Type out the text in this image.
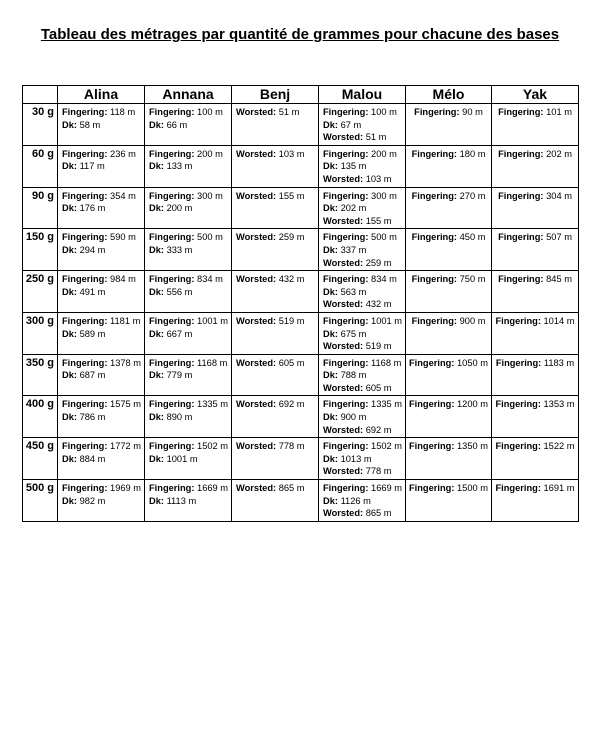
Tableau des métrages par quantité de grammes pour chacune des bases
	Alina	Annana	Benj	Malou	Mélo	Yak
30 g	Fingering: 118 m
Dk: 58 m	Fingering: 100 m
Dk: 66 m	Worsted: 51 m	Fingering: 100 m
Dk: 67 m
Worsted: 51 m	Fingering: 90 m	Fingering: 101 m

60 g	Fingering: 236 m
Dk: 117 m	Fingering: 200 m
Dk: 133 m	Worsted: 103 m	Fingering: 200 m
Dk: 135 m
Worsted: 103 m	Fingering: 180 m	Fingering: 202 m

90 g	Fingering: 354 m
Dk: 176 m	Fingering: 300 m
Dk: 200 m	Worsted: 155 m	Fingering: 300 m
Dk: 202 m
Worsted: 155 m	Fingering: 270 m	Fingering: 304 m

150 g	Fingering: 590 m
Dk: 294 m	Fingering: 500 m
Dk: 333 m	Worsted: 259 m	Fingering: 500 m
Dk: 337 m
Worsted: 259 m	Fingering: 450 m	Fingering: 507 m

250 g	Fingering: 984 m
Dk: 491 m	Fingering: 834 m
Dk: 556 m	Worsted: 432 m	Fingering: 834 m
Dk: 563 m
Worsted: 432 m	Fingering: 750 m	Fingering: 845 m

300 g	Fingering: 1181 m
Dk: 589 m	Fingering: 1001 m
Dk: 667 m	Worsted: 519 m	Fingering: 1001 m
Dk: 675 m
Worsted: 519 m	Fingering: 900 m	Fingering: 1014 m

350 g	Fingering: 1378 m
Dk: 687 m	Fingering: 1168 m
Dk: 779 m	Worsted: 605 m	Fingering: 1168 m
Dk: 788 m
Worsted: 605 m	Fingering: 1050 m	Fingering: 1183 m

400 g	Fingering: 1575 m
Dk: 786 m	Fingering: 1335 m
Dk: 890 m	Worsted: 692 m	Fingering: 1335 m
Dk: 900 m
Worsted: 692 m	Fingering: 1200 m	Fingering: 1353 m

450 g	Fingering: 1772 m
Dk: 884 m	Fingering: 1502 m
Dk: 1001 m	Worsted: 778 m	Fingering: 1502 m
Dk: 1013 m
Worsted: 778 m	Fingering: 1350 m	Fingering: 1522 m

500 g	Fingering: 1969 m
Dk: 982 m	Fingering: 1669 m
Dk: 1113 m	Worsted: 865 m	Fingering: 1669 m
Dk: 1126 m
Worsted: 865 m	Fingering: 1500 m	Fingering: 1691 m
